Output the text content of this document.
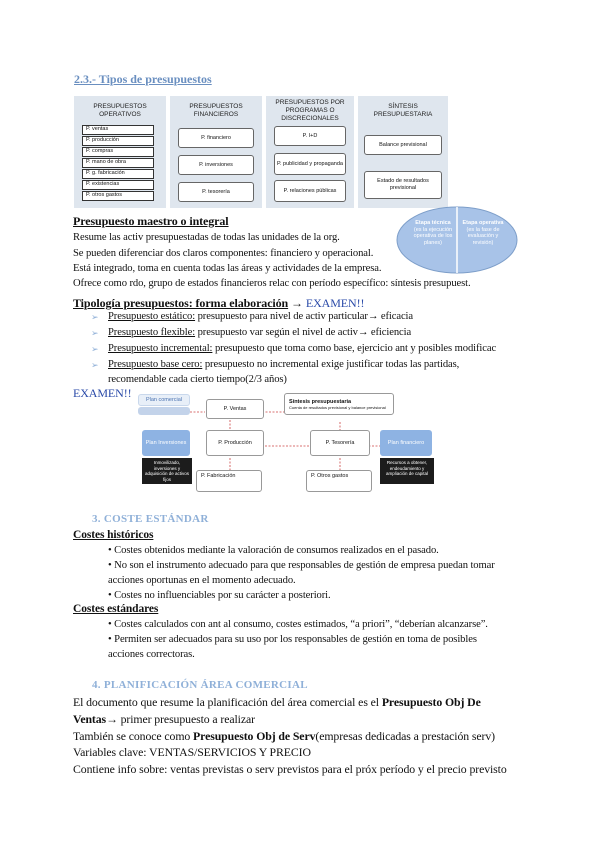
2.3.- Tipos de presupuestos
PRESUPUESTOS OPERATIVOS
PRESUPUESTOS FINANCIEROS
PRESUPUESTOS POR PROGRAMAS O DISCRECIONALES
SÍNTESIS PRESUPUESTARIA
P. ventas
P. producción
P. compras
P. mano de obra
P. g. fabricación
P. existencias
P. otros gastos
P. financiero
P. inversiones
P. tesorería
P. I+D
P. publicidad y propaganda
P. relaciones públicas
Balance previsional
Estado de resultados previsional
Etapa técnica
(es la ejecución operativa de los planes)
Etapa operativa
(es la fase de evaluación y revisión)
Presupuesto maestro o integral
Resume las activ presupuestadas de todas las unidades de la org.
Se pueden diferenciar dos claros componentes: financiero y operacional.
Está integrado, toma en cuenta todas las áreas y actividades de la empresa.
Ofrece como rdo, grupo de estados financieros relac con período específico: síntesis presupuest.
Tipología presupuestos: forma elaboración → EXAMEN!!
➢ Presupuesto estático: presupuesto para nivel de activ particular→ eficacia
➢ Presupuesto flexible: presupuesto var según el nivel de activ→ eficiencia
➢ Presupuesto incremental: presupuesto que toma como base, ejercicio ant y posibles modificac
➢ Presupuesto base cero: presupuesto no incremental exige justificar todas las partidas,
recomendable cada cierto tiempo(2/3 años)
EXAMEN!!	Plan comercial
P. Ventas
Plan Inversiones	P. Producción
Inmovilizado, inversiones y adquisición de activos fijos	P. Fabricación
Síntesis presupuestaria
Cuenta de resultados previsional y balance previsional
P. Tesorería	Plan financiero
Recursos a obtener, endeudamiento y ampliación de capital
P. Otros gastos
3. COSTE ESTÁNDAR
Costes históricos
• Costes obtenidos mediante la valoración de consumos realizados en el pasado.
• No son el instrumento adecuado para que responsables de gestión de empresa puedan tomar
acciones oportunas en el momento adecuado.
• Costes no influenciables por su carácter a posteriori.
Costes estándares
• Costes calculados con ant al consumo, costes estimados, “a priori”, “deberían alcanzarse”.
• Permiten ser adecuados para su uso por los responsables de gestión en toma de posibles
acciones correctoras.
4. PLANIFICACIÓN ÁREA COMERCIAL
El documento que resume la planificación del área comercial es el Presupuesto Obj De
Ventas→ primer presupuesto a realizar
También se conoce como Presupuesto Obj de Serv(empresas dedicadas a prestación serv)
Variables clave: VENTAS/SERVICIOS Y PRECIO
Contiene info sobre: ventas previstas o serv previstos para el próx período y el precio previsto
